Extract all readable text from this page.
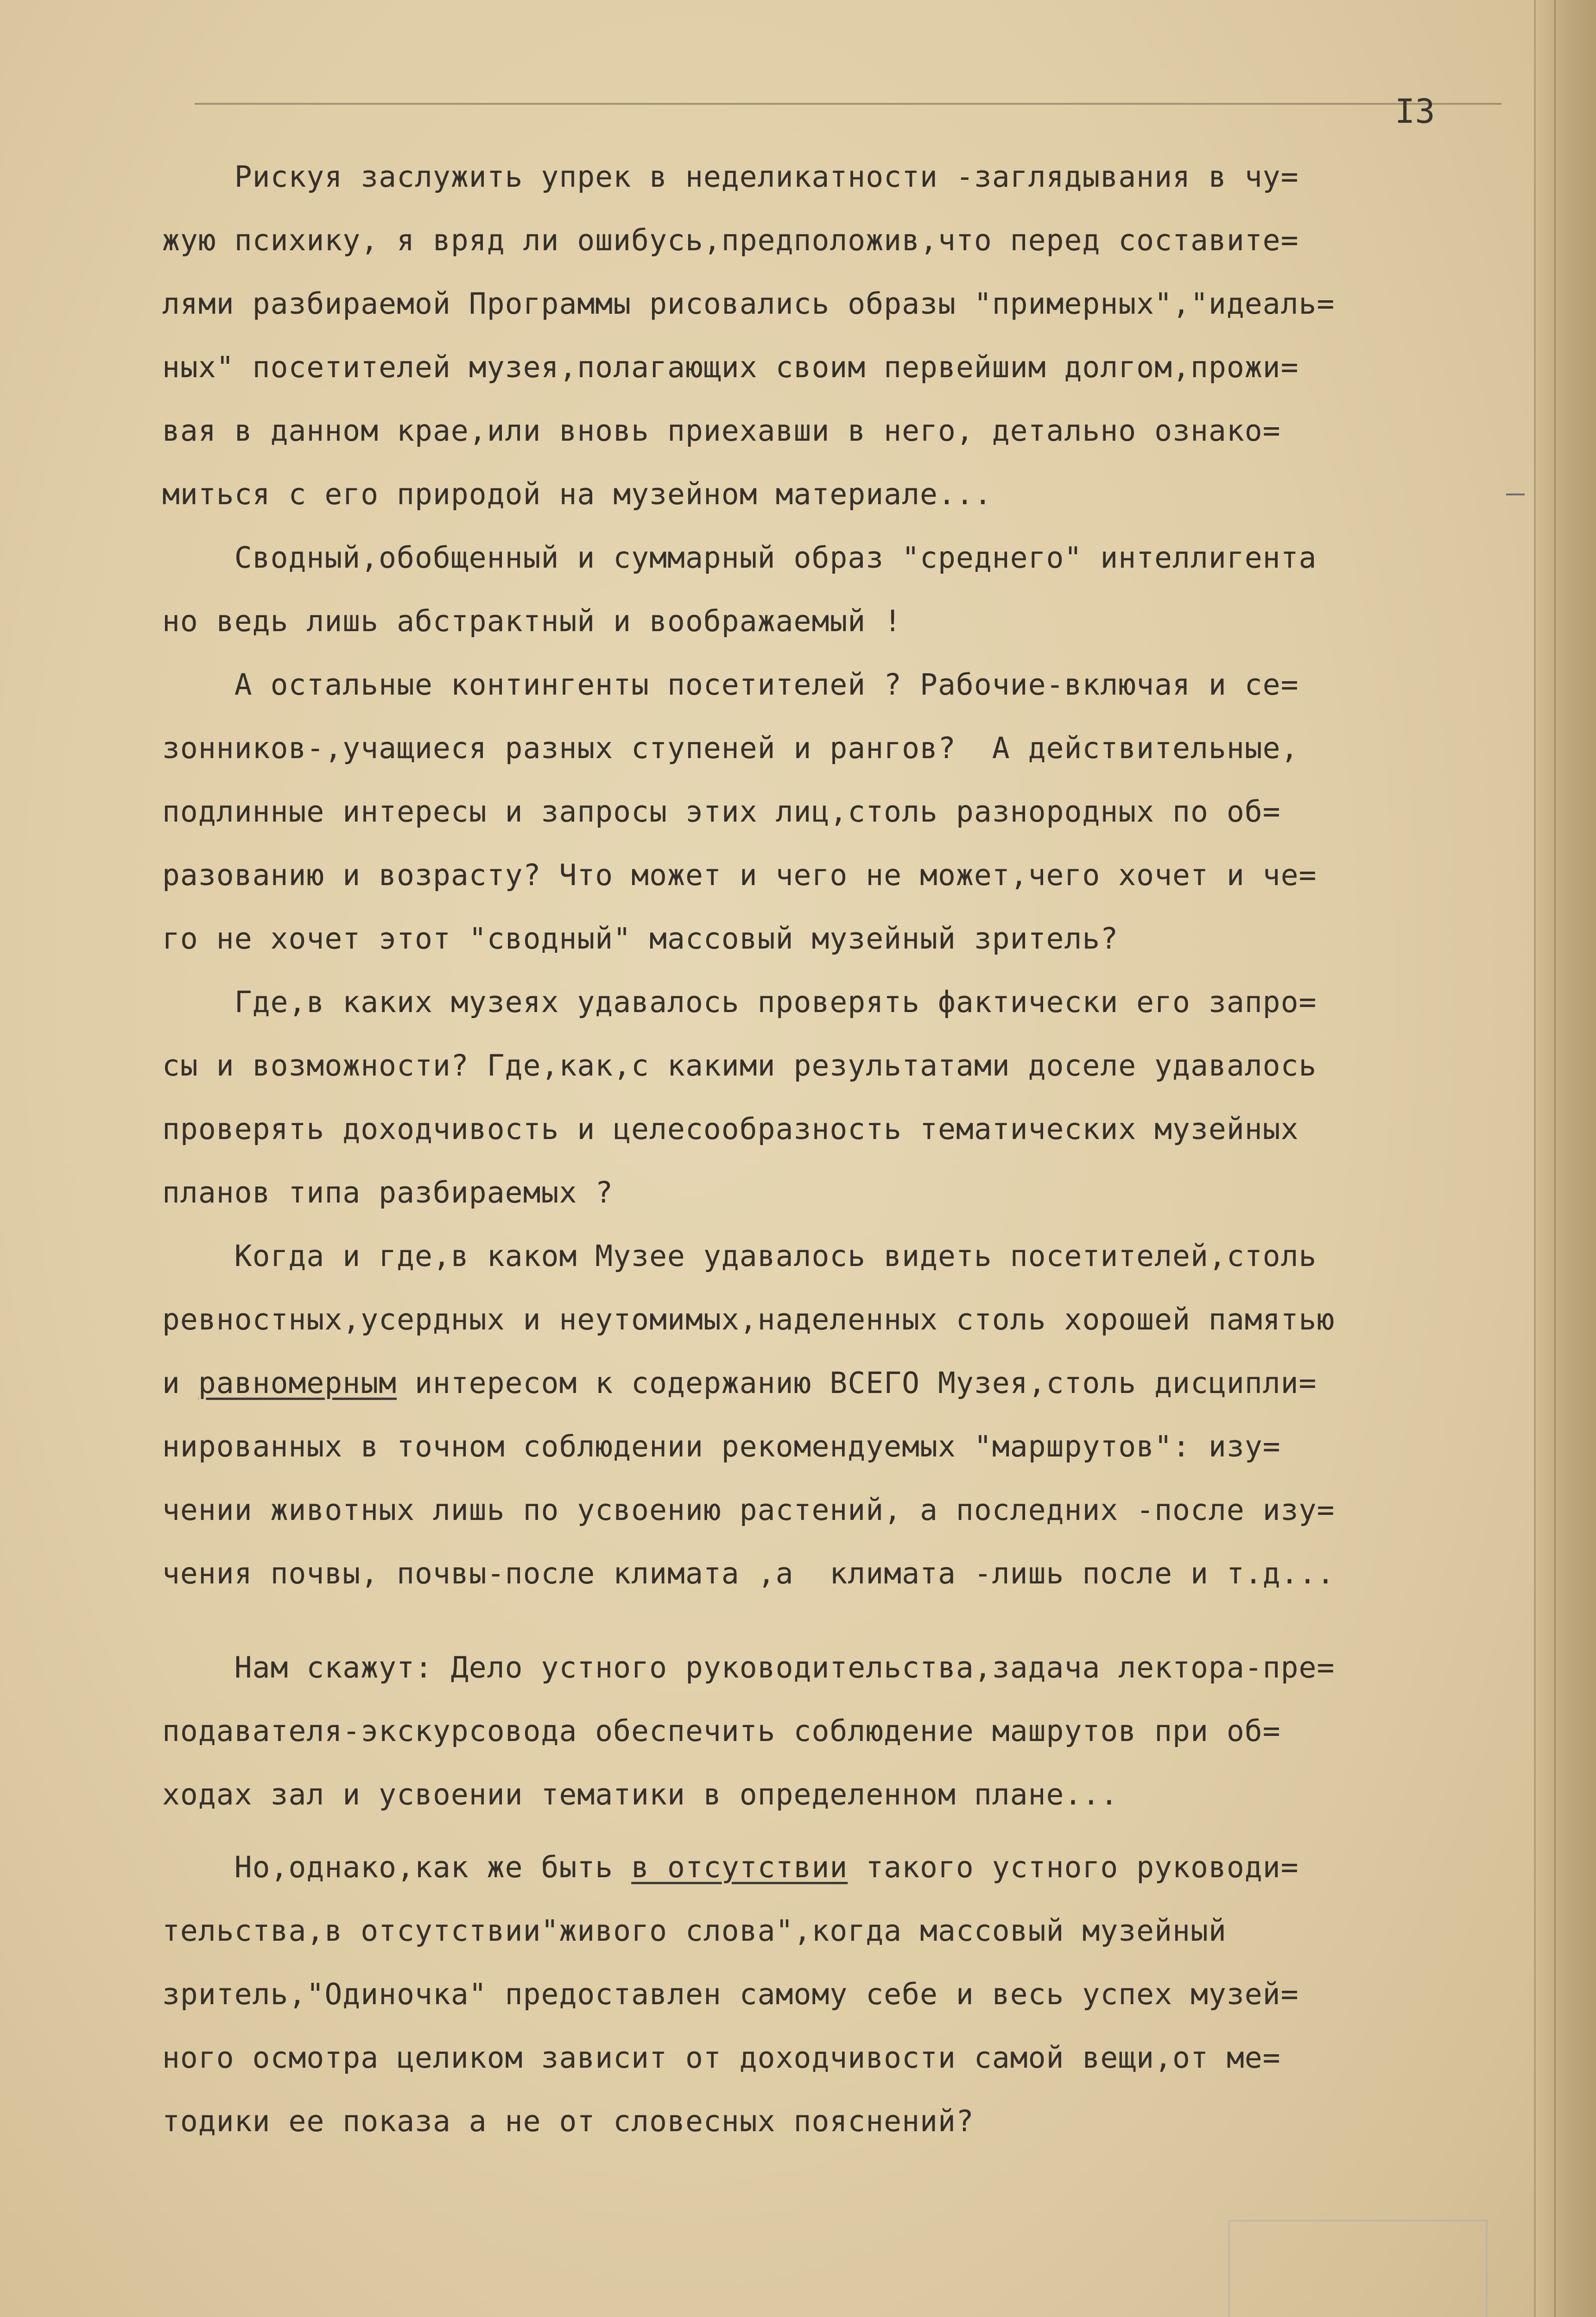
I3
Рискуя заслужить упрек в неделикатности -заглядывания в чу=
жую психику, я вряд ли ошибусь,предположив,что перед составите=
лями разбираемой Программы рисовались образы "примерных","идеаль=
ных" посетителей музея,полагающих своим первейшим долгом,прожи=
вая в данном крае,или вновь приехавши в него, детально ознако=
миться с его природой на музейном материале...
Сводный,обобщенный и суммарный образ "среднего" интеллигента
но ведь лишь абстрактный и воображаемый !
А остальные контингенты посетителей ? Рабочие-включая и се=
зонников-,учащиеся разных ступеней и рангов?  А действительные,
подлинные интересы и запросы этих лиц,столь разнородных по об=
разованию и возрасту? Что может и чего не может,чего хочет и че=
го не хочет этот "сводный" массовый музейный зритель?
Где,в каких музеях удавалось проверять фактически его запро=
сы и возможности? Где,как,с какими результатами доселе удавалось
проверять доходчивость и целесообразность тематических музейных
планов типа разбираемых ?
Когда и где,в каком Музее удавалось видеть посетителей,столь
ревностных,усердных и неутомимых,наделенных столь хорошей памятью
и равномерным интересом к содержанию ВСЕГО Музея,столь дисципли=
нированных в точном соблюдении рекомендуемых "маршрутов": изу=
чении животных лишь по усвоению растений, а последних -после изу=
чения почвы, почвы-после климата ,а  климата -лишь после и т.д...
Нам скажут: Дело устного руководительства,задача лектора-пре=
подавателя-экскурсовода обеспечить соблюдение машрутов при об=
ходах зал и усвоении тематики в определенном плане...
Но,однако,как же быть в отсутствии такого устного руководи=
тельства,в отсутствии"живого слова",когда массовый музейный
зритель,"Одиночка" предоставлен самому себе и весь успех музей=
ного осмотра целиком зависит от доходчивости самой вещи,от ме=
тодики ее показа а не от словесных пояснений?
